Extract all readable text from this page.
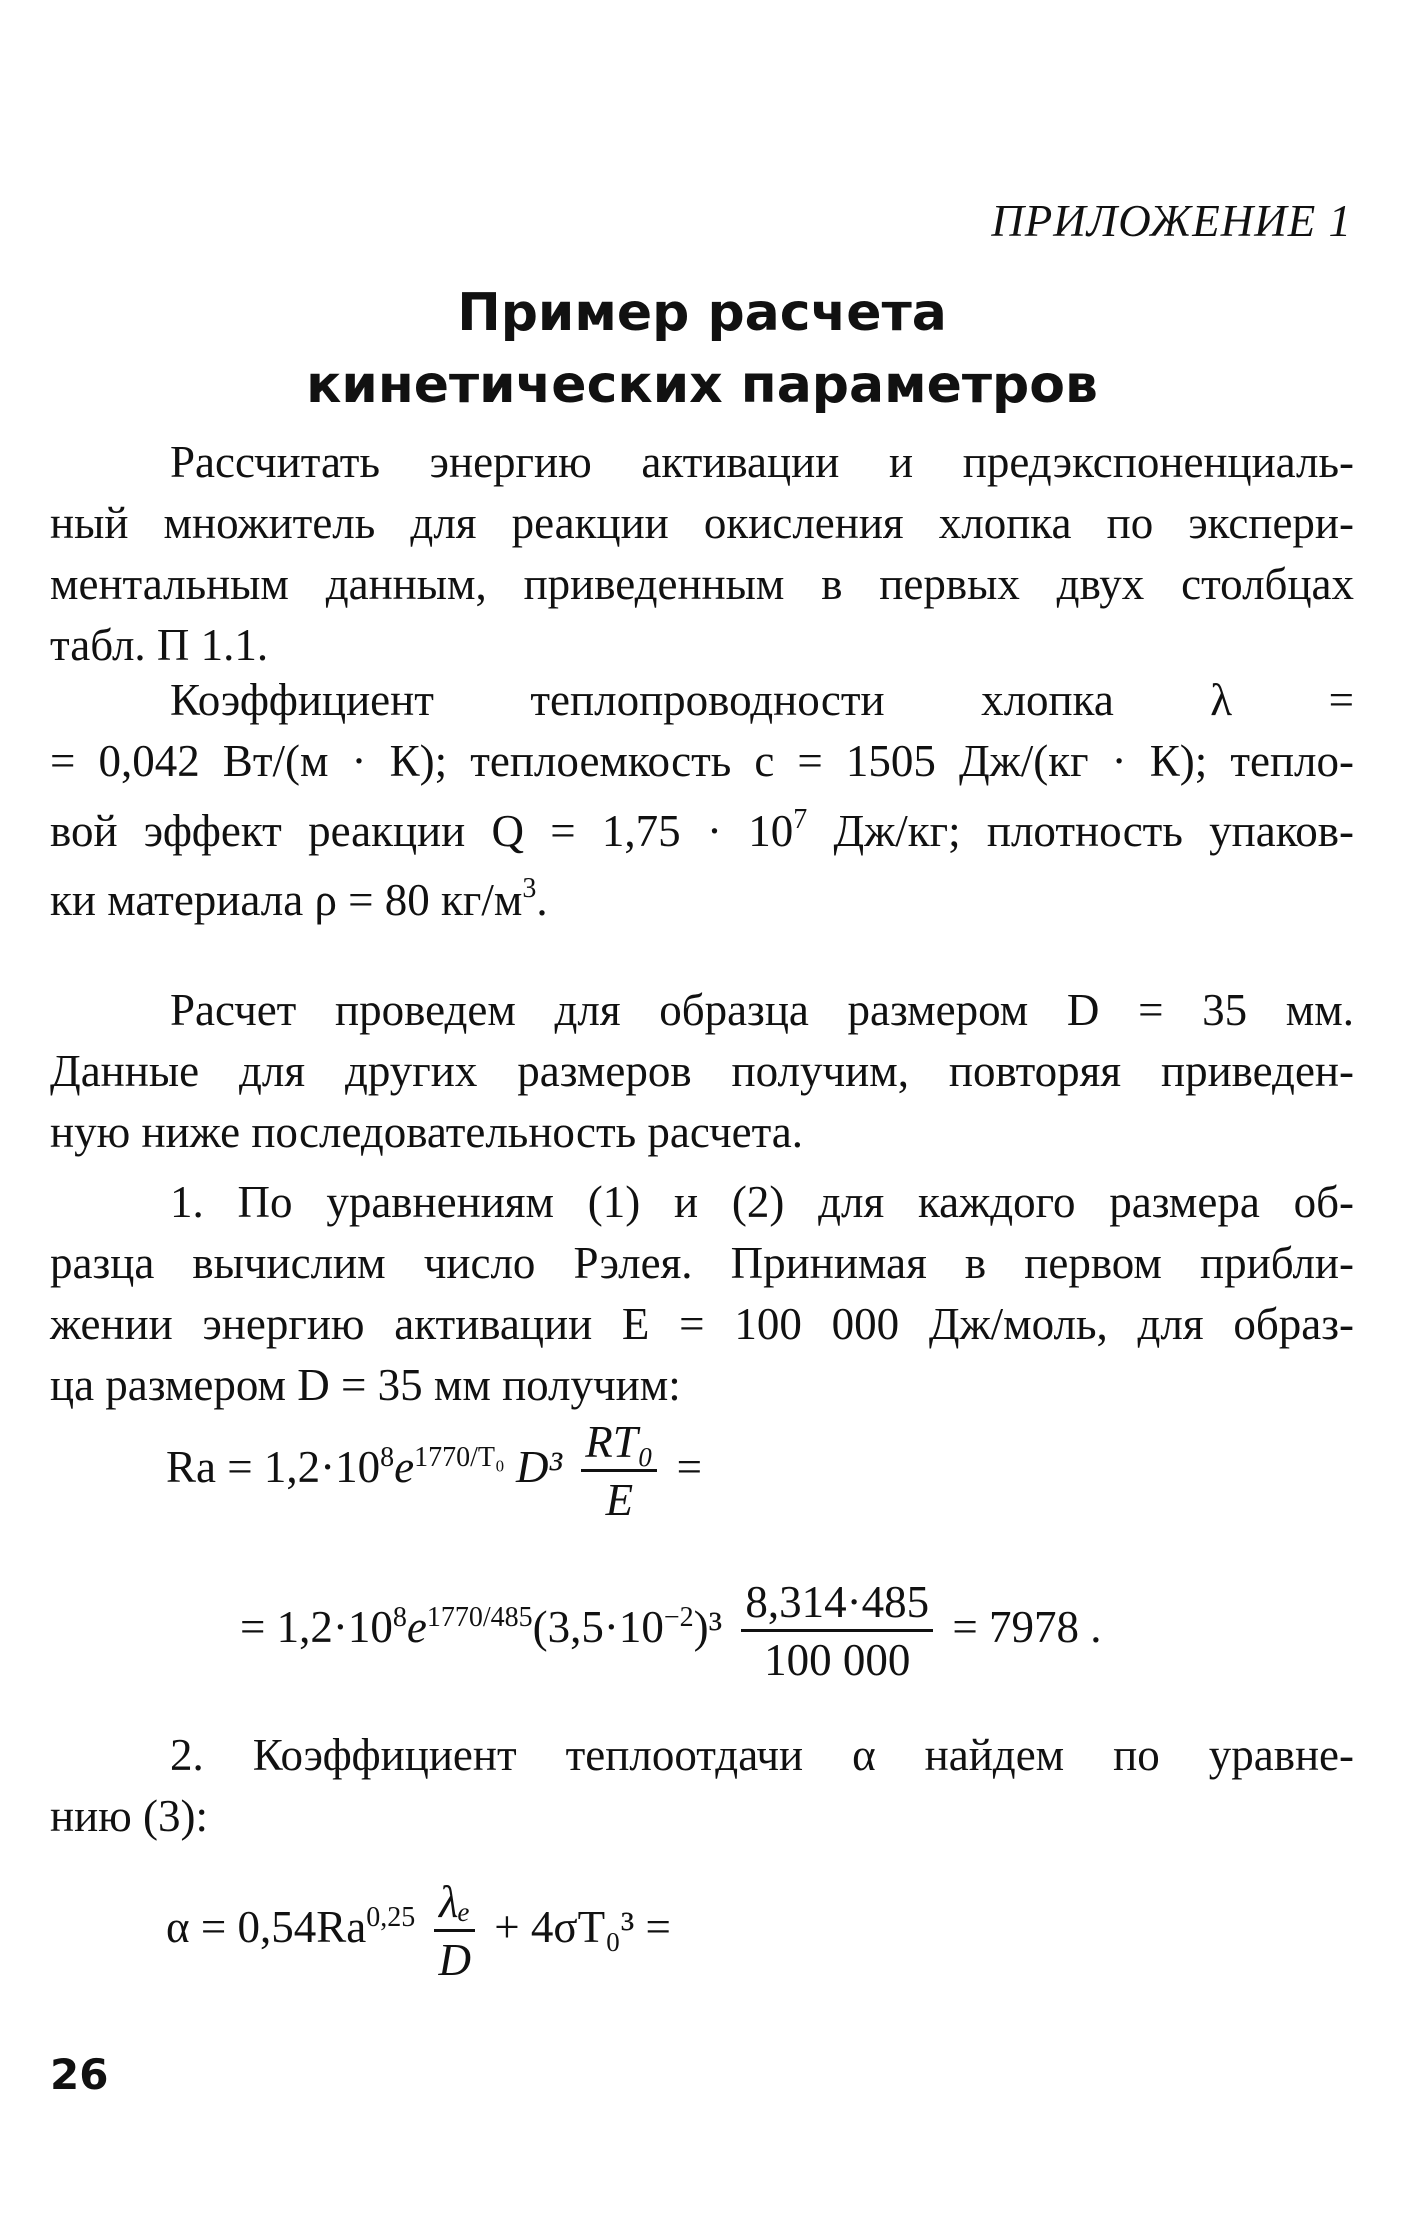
ПРИЛОЖЕНИЕ 1
Пример расчета
кинетических параметров
Рассчитать энергию активации и предэкспоненциаль-
ный множитель для реакции окисления хлопка по экспери-
ментальным данным, приведенным в первых двух столбцах
табл. П 1.1.
Коэффициент теплопроводности хлопка λ =
= 0,042 Вт/(м · К); теплоемкость c = 1505 Дж/(кг · К); тепло-
вой эффект реакции $Q = 1,75 \cdot 10^7$ Дж/кг; плотность упаков-
ки материала ρ = 80 $кг/м^3$.
Расчет проведем для образца размером D = 35 мм.
Данные для других размеров получим, повторяя приведен-
ную ниже последовательность расчета.
1. По уравнениям (1) и (2) для каждого размера об-
разца вычислим число Рэлея. Принимая в первом прибли-
жении энергию активации E = 100 000 Дж/моль, для образ-
ца размером D = 35 мм получим:
$Ra = 1,2\cdot 10^8e^{1770/T_0}$ $D^3 \frac{\text{RT₀}}{E}$ =
= $1,2\cdot 10^8e^{1770/485}(3,5\cdot 10^{-2})^3 \frac{8,314\cdot 485}{100 000} = 7978$ .
2. Коэффициент теплоотдачи α найдем по уравне-
нию (3):
$\alpha = 0,54Ra^{0,25} \frac{\text{λₑ}}{D} + 4\sigma T_0^3$ =
26
